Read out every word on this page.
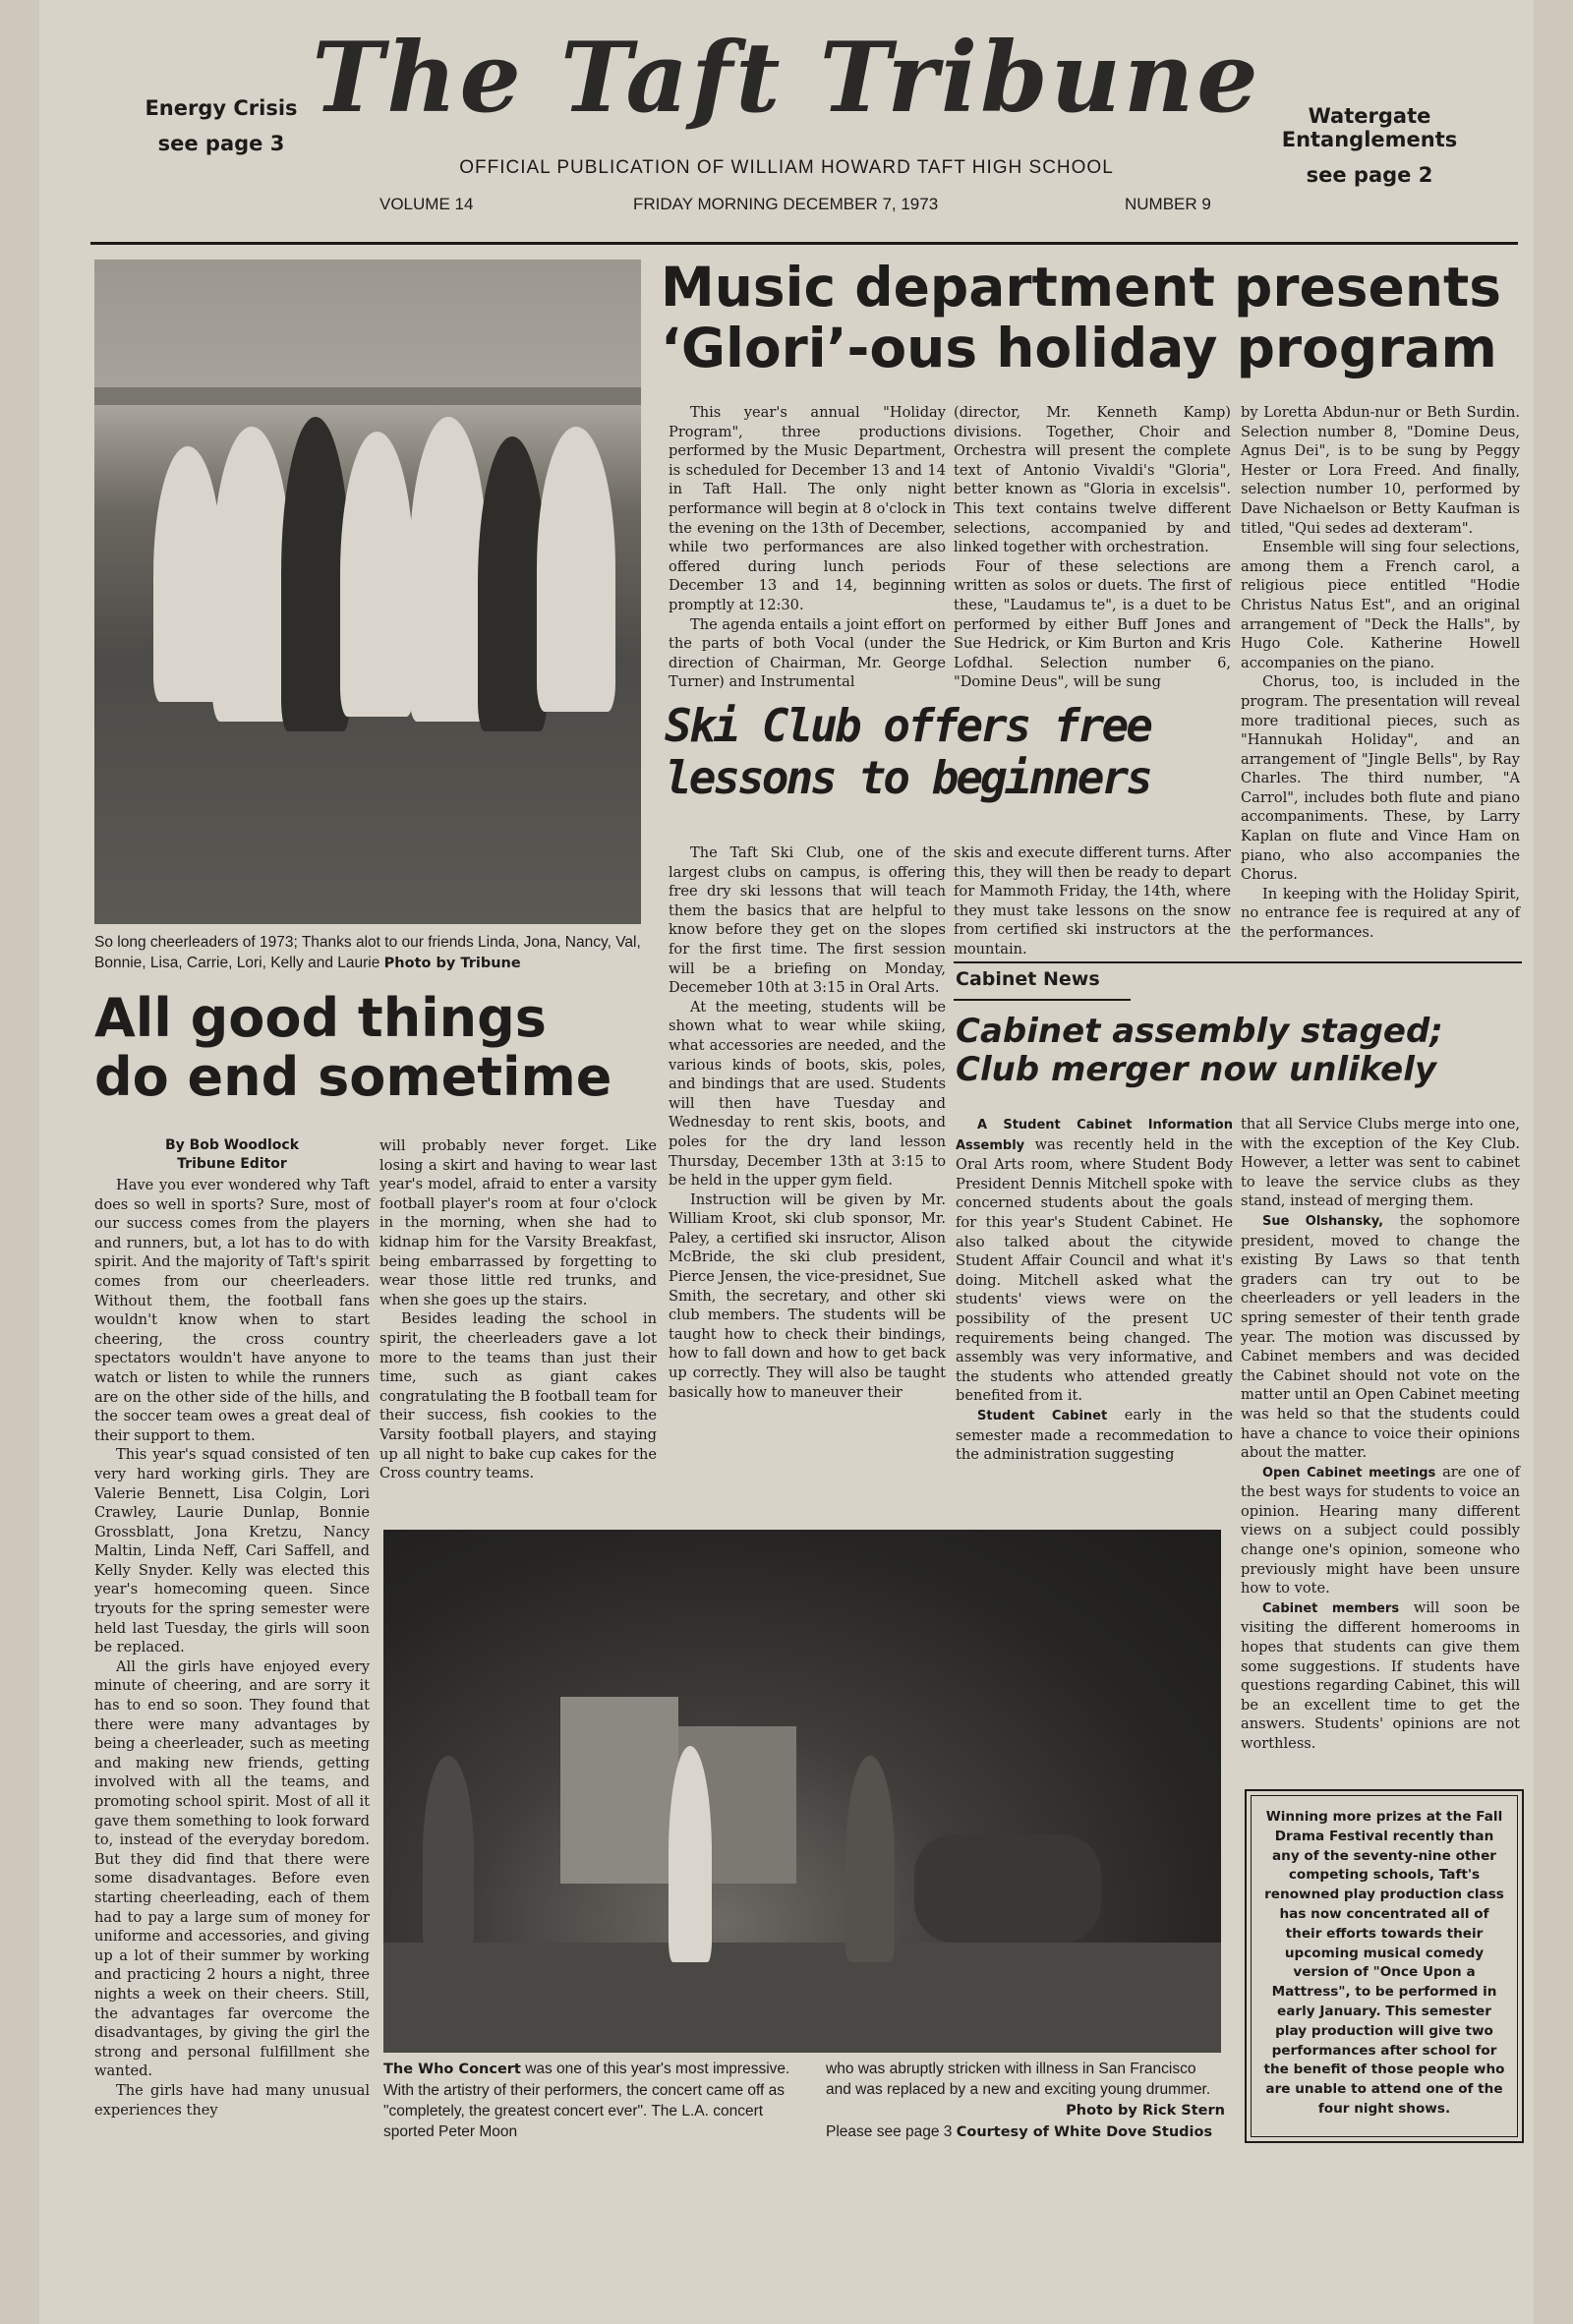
Energy Crisis
see page 3
The Taft Tribune	Watergate Entanglements
see page 2
OFFICIAL PUBLICATION OF WILLIAM HOWARD TAFT HIGH SCHOOL
VOLUME 14	FRIDAY MORNING DECEMBER 7, 1973	NUMBER 9
So long cheerleaders of 1973; Thanks alot to our friends Linda, Jona, Nancy, Val, Bonnie, Lisa, Carrie, Lori, Kelly and Laurie Photo by Tribune
Music department presents
‘Glori’-ous holiday program

This year's annual "Holiday Program", three productions performed by the Music Department, is scheduled for December 13 and 14 in Taft Hall. The only night performance will begin at 8 o'clock in the evening on the 13th of December, while two performances are also offered during lunch periods December 13 and 14, beginning promptly at 12:30.

The agenda entails a joint effort on the parts of both Vocal (under the direction of Chairman, Mr. George Turner) and Instrumental

(director, Mr. Kenneth Kamp) divisions. Together, Choir and Orchestra will present the complete text of Antonio Vivaldi's "Gloria", better known as "Gloria in excelsis". This text contains twelve different selections, accompanied by and linked together with orchestration.

Four of these selections are written as solos or duets. The first of these, "Laudamus te", is a duet to be performed by either Buff Jones and Sue Hedrick, or Kim Burton and Kris Lofdhal. Selection number 6, "Domine Deus", will be sung

by Loretta Abdun-nur or Beth Surdin. Selection number 8, "Domine Deus, Agnus Dei", is to be sung by Peggy Hester or Lora Freed. And finally, selection number 10, performed by Dave Nichaelson or Betty Kaufman is titled, "Qui sedes ad dexteram".

Ensemble will sing four selections, among them a French carol, a religious piece entitled "Hodie Christus Natus Est", and an original arrangement of "Deck the Halls", by Hugo Cole. Katherine Howell accompanies on the piano.

Chorus, too, is included in the program. The presentation will reveal more traditional pieces, such as "Hannukah Holiday", and an arrangement of "Jingle Bells", by Ray Charles. The third number, "A Carrol", includes both flute and piano accompaniments. These, by Larry Kaplan on flute and Vince Ham on piano, who also accompanies the Chorus.

In keeping with the Holiday Spirit, no entrance fee is required at any of the performances.

Ski Club offers free
lessons to beginners

The Taft Ski Club, one of the largest clubs on campus, is offering free dry ski lessons that will teach them the basics that are helpful to know before they get on the slopes for the first time. The first session will be a briefing on Monday, Decemeber 10th at 3:15 in Oral Arts.

At the meeting, students will be shown what to wear while skiing, what accessories are needed, and the various kinds of boots, skis, poles, and bindings that are used. Students will then have Tuesday and Wednesday to rent skis, boots, and poles for the dry land lesson Thursday, December 13th at 3:15 to be held in the upper gym field.

Instruction will be given by Mr. William Kroot, ski club sponsor, Mr. Paley, a certified ski insructor, Alison McBride, the ski club president, Pierce Jensen, the vice-presidnet, Sue Smith, the secretary, and other ski club members. The students will be taught how to check their bindings, how to fall down and how to get back up correctly. They will also be taught basically how to maneuver their

skis and execute different turns. After this, they will then be ready to depart for Mammoth Friday, the 14th, where they must take lessons on the snow from certified ski instructors at the mountain.

Cabinet News
Cabinet assembly staged;
Club merger now unlikely

A Student Cabinet Information Assembly was recently held in the Oral Arts room, where Student Body President Dennis Mitchell spoke with concerned students about the goals for this year's Student Cabinet. He also talked about the citywide Student Affair Council and what it's doing. Mitchell asked what the students' views were on the possibility of the present UC requirements being changed. The assembly was very informative, and the students who attended greatly benefited from it.

Student Cabinet early in the semester made a recommedation to the administration suggesting

that all Service Clubs merge into one, with the exception of the Key Club. However, a letter was sent to cabinet to leave the service clubs as they stand, instead of merging them.

Sue Olshansky, the sophomore president, moved to change the existing By Laws so that tenth graders can try out to be cheerleaders or yell leaders in the spring semester of their tenth grade year. The motion was discussed by Cabinet members and was decided the Cabinet should not vote on the matter until an Open Cabinet meeting was held so that the students could have a chance to voice their opinions about the matter.

Open Cabinet meetings are one of the best ways for students to voice an opinion. Hearing many different views on a subject could possibly change one's opinion, someone who previously might have been unsure how to vote.

Cabinet members will soon be visiting the different homerooms in hopes that students can give them some suggestions. If students have questions regarding Cabinet, this will be an excellent time to get the answers. Students' opinions are not worthless.

Winning more prizes at the Fall Drama Festival recently than any of the seventy-nine other competing schools, Taft's renowned play production class has now concentrated all of their efforts towards their upcoming musical comedy version of "Once Upon a Mattress", to be performed in early January. This semester play production will give two performances after school for the benefit of those people who are unable to attend one of the four night shows.
All good things
do end sometime
By Bob Woodlock
Tribune Editor

Have you ever wondered why Taft does so well in sports? Sure, most of our success comes from the players and runners, but, a lot has to do with spirit. And the majority of Taft's spirit comes from our cheerleaders. Without them, the football fans wouldn't know when to start cheering, the cross country spectators wouldn't have anyone to watch or listen to while the runners are on the other side of the hills, and the soccer team owes a great deal of their support to them.

This year's squad consisted of ten very hard working girls. They are Valerie Bennett, Lisa Colgin, Lori Crawley, Laurie Dunlap, Bonnie Grossblatt, Jona Kretzu, Nancy Maltin, Linda Neff, Cari Saffell, and Kelly Snyder. Kelly was elected this year's homecoming queen. Since tryouts for the spring semester were held last Tuesday, the girls will soon be replaced.

All the girls have enjoyed every minute of cheering, and are sorry it has to end so soon. They found that there were many advantages by being a cheerleader, such as meeting and making new friends, getting involved with all the teams, and promoting school spirit. Most of all it gave them something to look forward to, instead of the everyday boredom. But they did find that there were some disadvantages. Before even starting cheerleading, each of them had to pay a large sum of money for uniforme and accessories, and giving up a lot of their summer by working and practicing 2 hours a night, three nights a week on their cheers. Still, the advantages far overcome the disadvantages, by giving the girl the strong and personal fulfillment she wanted.

The girls have had many unusual experiences they

will probably never forget. Like losing a skirt and having to wear last year's model, afraid to enter a varsity football player's room at four o'clock in the morning, when she had to kidnap him for the Varsity Breakfast, being embarrassed by forgetting to wear those little red trunks, and when she goes up the stairs.

Besides leading the school in spirit, the cheerleaders gave a lot more to the teams than just their time, such as giant cakes congratulating the B football team for their success, fish cookies to the Varsity football players, and staying up all night to bake cup cakes for the Cross country teams.

The Who Concert was one of this year's most impressive. With the artistry of their performers, the concert came off as "completely, the greatest concert ever". The L.A. concert sported Peter Moon
who was abruptly stricken with illness in San Francisco and was replaced by a new and exciting young drummer.
Photo by Rick Stern
Please see page 3 Courtesy of White Dove Studios
